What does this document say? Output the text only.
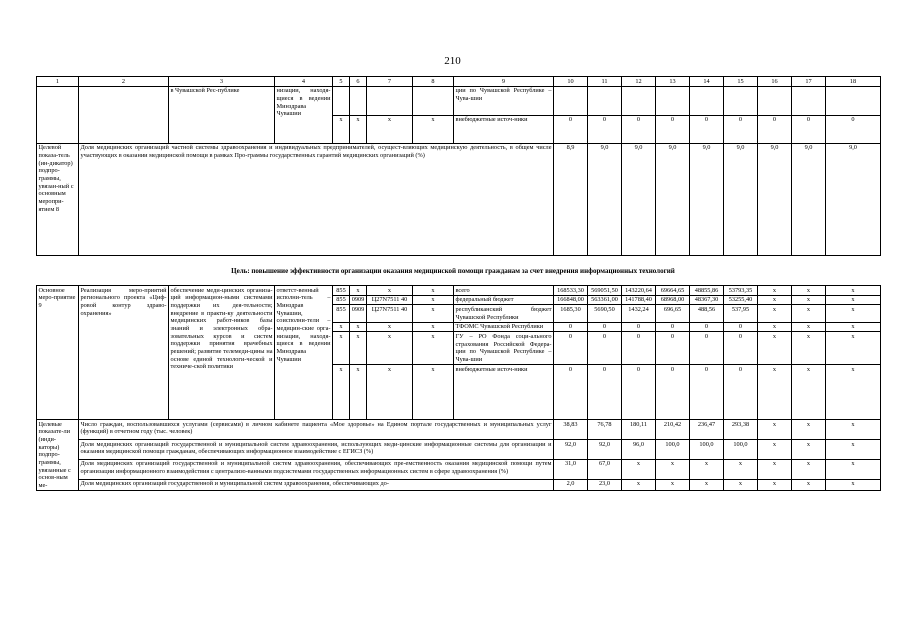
210
1	2	3	4	5	6	7	8	9	10	11	12	13	14	15	16	17	18
		в Чувашской Рес-публике	низации, находя-щиеся в ведении Минздрава Чувашии					ции по Чувашской Республике – Чува-шии									
				x	x	x	x	внебюджетные источ-ники	0	0	0	0	0	0	0	0	0
Целевой показа-тель (ин-дикатор) подпро-граммы, увязан-ный с основным меропри-ятием 8	Доля медицинских организаций частной системы здравоохранения и индивидуальных предпринимателей, осущест-вляющих медицинскую деятельность, в общем числе участвующих в оказании медицинской помощи в рамках Про-граммы государственных гарантий медицинских организаций (%)								8,9	9,0	9,0	9,0	9,0	9,0	9,0	9,0	9,0
Цель: повышение эффективности организации оказания медицинской помощи гражданам за счет внедрения информационных технологий
Основное меро-приятие 9	Реализация меро-приятий регионального проекта «Циф-ровой контур здраво-охранения»	обеспечение меди-цинских организа-ций информацион-ными системами поддержки их дея-тельности; внедрение в практи-ку деятельности медицинских работ-ников базы знаний и электронных обра-зовательных курсов и систем поддержки принятия врачебных решений; развитие телемеди-цины на основе единой технологи-ческой и техниче-ской политики	ответст-венный исполни-тель – Минздрав Чувашии, соисполни-тели – медицин-ские орга-низации, находя-щиеся в ведении Минздрава Чувашии	855	x	x	x	всего	168533,30	569051,50	143220,64	69664,65	48855,86	53793,35	x	x	x
				855	0909	Ц27N7511 40	x	федеральный бюджет	166848,00	563361,00	141788,40	68968,00	48367,30	53255,40	x	x	x
				855	0909	Ц27N7511 40	x	республиканский бюджет Чувашской Республики	1685,30	5690,50	1432,24	696,65	488,56	537,95	x	x	x
				x	x	x	x	ТФОМС Чувашской Республики	0	0	0	0	0	0	x	x	x
				x	x	x	x	ГУ – РО Фонда соци-ального страхования Российской Федера-ции по Чувашской Республике – Чува-шии	0	0	0	0	0	0	x	x	x
				x	x	x	x	внебюджетные источ-ники	0	0	0	0	0	0	x	x	x
Целевые показате-ли (инди-каторы) подпро-граммы, увязанные с основ-ным ме-	Число граждан, воспользовавшихся услугами (сервисами) в личном кабинете пациента «Мое здоровье» на Едином портале государственных и муниципальных услуг (функций) в отчетном году (тыс. человек)								38,83	76,78	180,11	210,42	236,47	293,38	x	x	x
	Доля медицинских организаций государственной и муниципальной систем здравоохранения, использующих меди-цинские информационные системы для организации и оказания медицинской помощи гражданам, обеспечивающих информационное взаимодействие с ЕГИСЗ (%)								92,0	92,0	96,0	100,0	100,0	100,0	x	x	x
	Доля медицинских организаций государственной и муниципальной систем здравоохранения, обеспечивающих пре-емственность оказания медицинской помощи путем организации информационного взаимодействия с централизо-ванными подсистемами государственных информационных систем в сфере здравоохранения (%)								31,0	67,0	x	x	x	x	x	x	x
	Доля медицинских организаций государственной и муниципальной систем здравоохранения, обеспечивающих до-								2,0	23,0	x	x	x	x	x	x	x
